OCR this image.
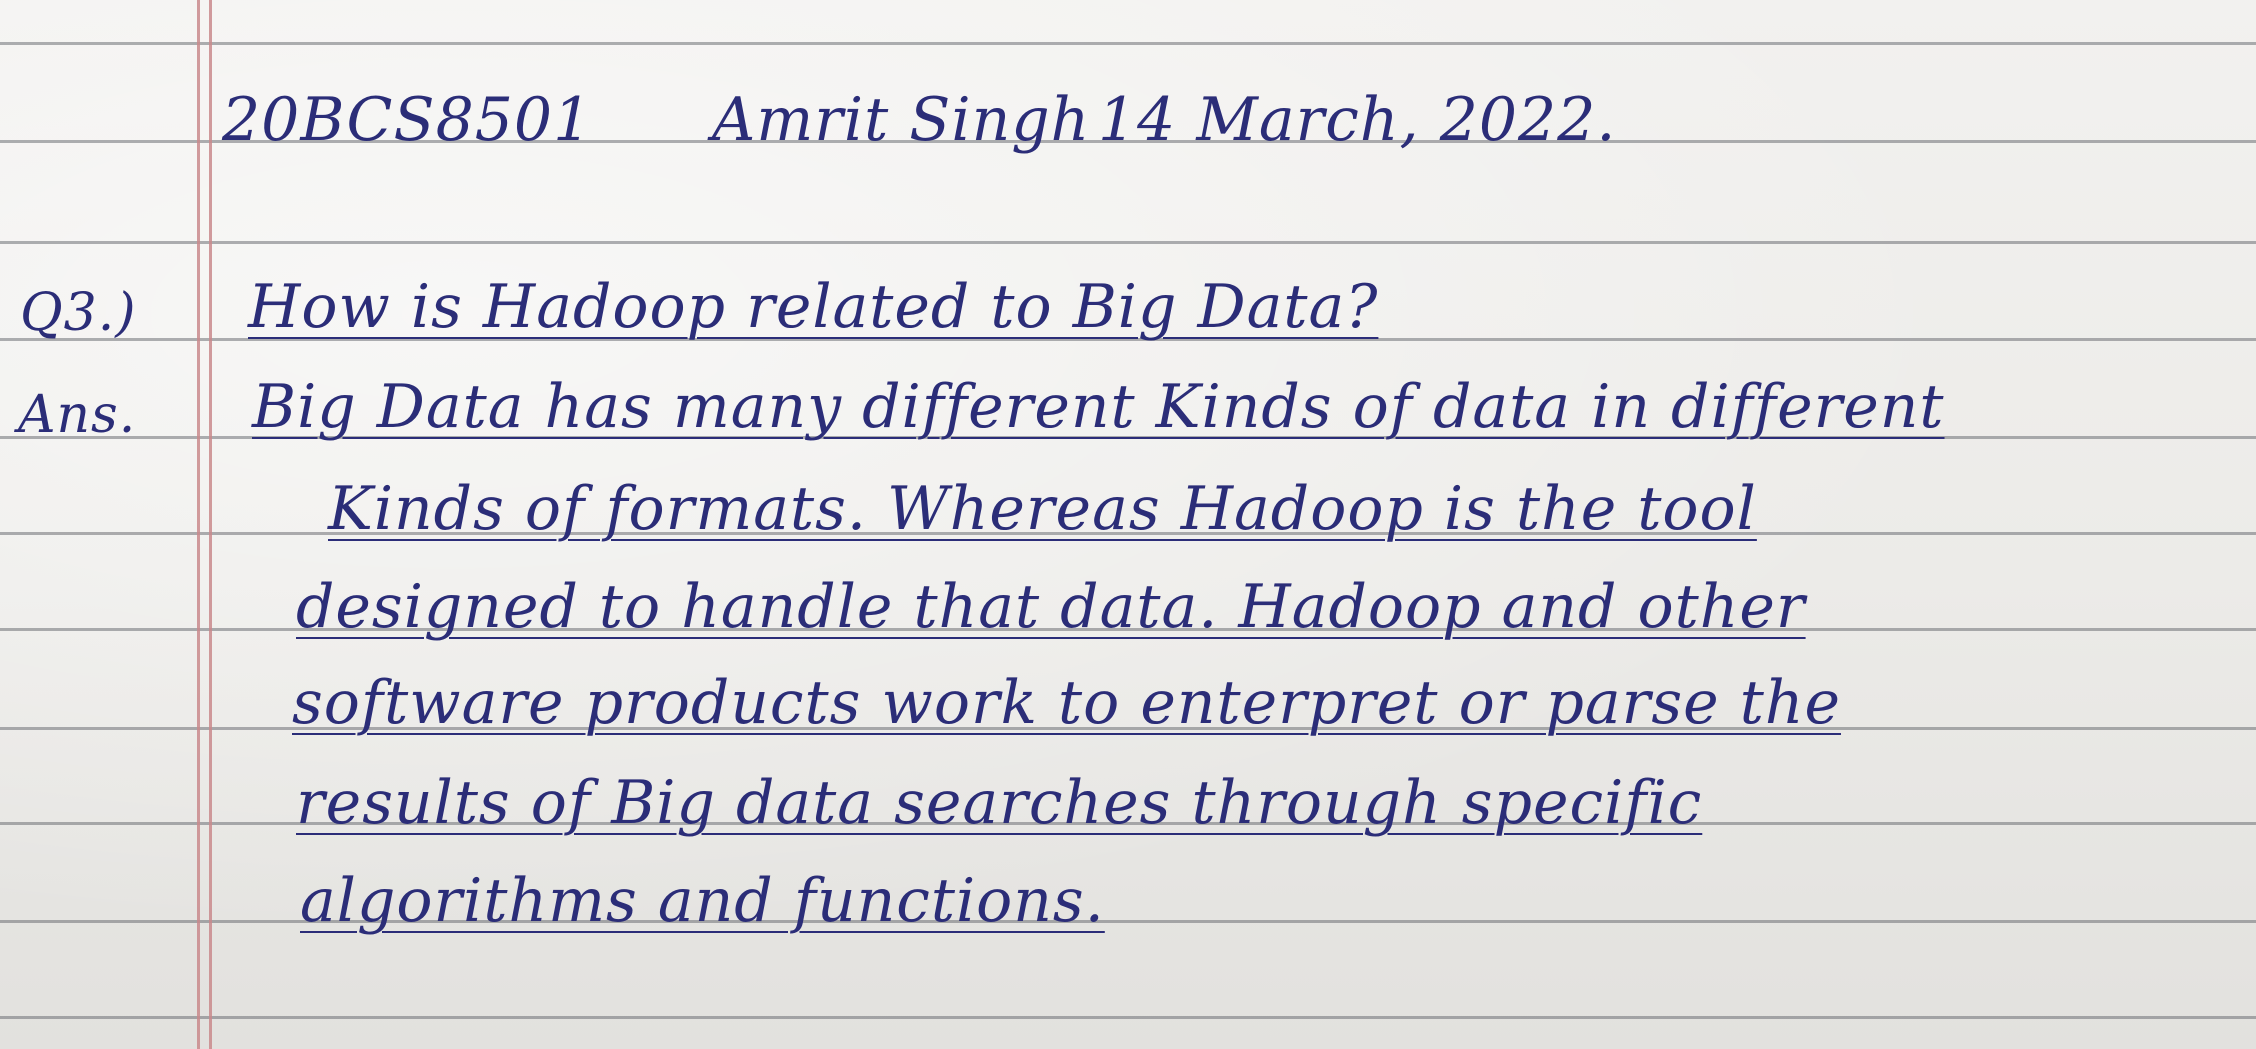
20BCS8501 Amrit Singh 14 March, 2022.
Q3.) How is Hadoop related to Big Data?
Ans. Big Data has many different Kinds of data in different
Kinds of formats. Whereas Hadoop is the tool
designed to handle that data. Hadoop and other
software products work to enterpret or parse the
results of Big data searches through specific
algorithms and functions.
